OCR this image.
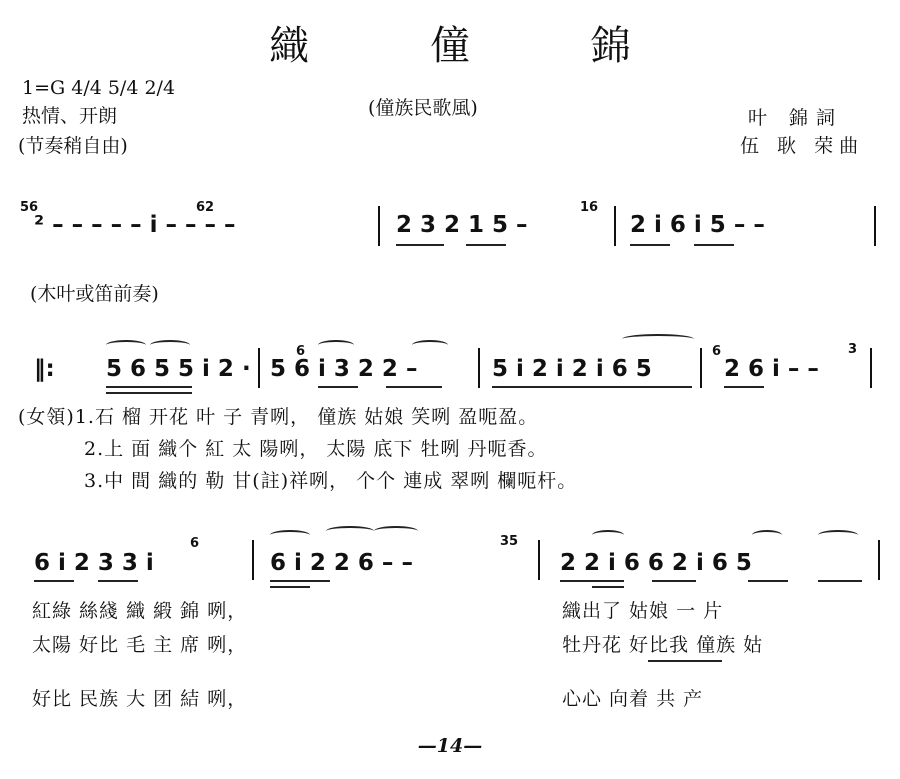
織 僮 錦
1=G 4/4 5/4 2/4
热情、开朗
(节奏稍自由)
(僮族民歌風)	叶 錦詞
伍 耿 荣曲
56	62
² – – – – – i – – – –	2 3 2 1 5 –
16
2 i 6 i 5 – –
(木叶或笛前奏)
‖: 5 6 5 5 i 2 ·
6
5 6 i 3 2 2 –	5 i 2 i 2 i 6 5
6
2 6 i – –
3
(女領)1.石 榴 开花 叶 子 青咧， 僮族 姑娘 笑咧 盈呃盈。
2.上 面 織个 紅 太 陽咧， 太陽 底下 牡咧 丹呃香。
3.中 間 織的 勒 甘(註)祥咧， 个个 連成 翠咧 欄呃杆。
6 i 2 3 3 i
6
6 i 2 2 6 – –
35
2 2 i 6 6 2 i 6 5
紅綠 絲綫 織 緞 錦 咧，
太陽 好比 毛 主 席 咧，
好比 民族 大 团 結 咧，
織出了 姑娘 一 片
牡丹花 好比我 僮族 姑
心心 向着 共 产
—14—
